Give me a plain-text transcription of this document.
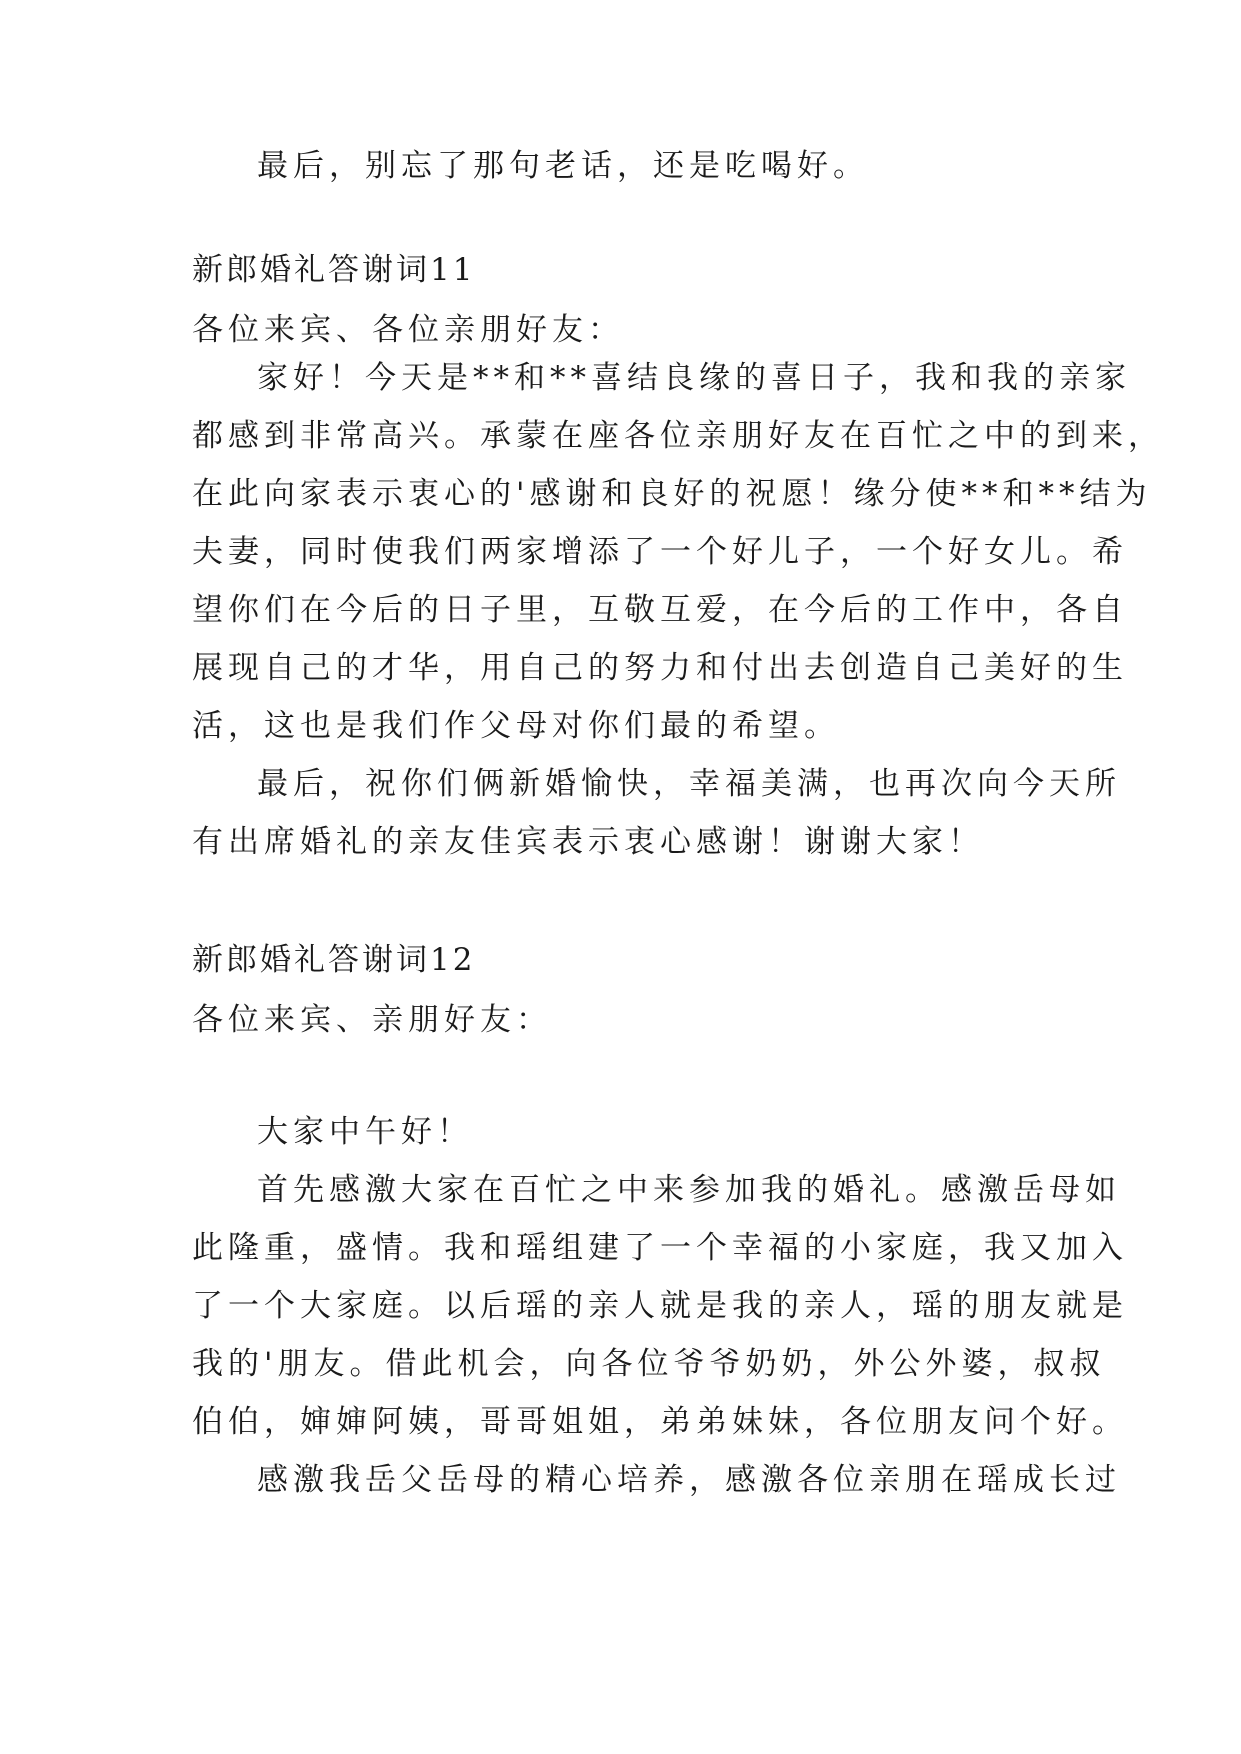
最后，别忘了那句老话，还是吃喝好。
新郎婚礼答谢词11
各位来宾、各位亲朋好友：
家好！今天是**和**喜结良缘的喜日子，我和我的亲家
都感到非常高兴。承蒙在座各位亲朋好友在百忙之中的到来，
在此向家表示衷心的'感谢和良好的祝愿！缘分使**和**结为
夫妻，同时使我们两家增添了一个好儿子，一个好女儿。希
望你们在今后的日子里，互敬互爱，在今后的工作中，各自
展现自己的才华，用自己的努力和付出去创造自己美好的生
活，这也是我们作父母对你们最的希望。
最后，祝你们俩新婚愉快，幸福美满，也再次向今天所
有出席婚礼的亲友佳宾表示衷心感谢！谢谢大家！
新郎婚礼答谢词12
各位来宾、亲朋好友：
大家中午好！
首先感激大家在百忙之中来参加我的婚礼。感激岳母如
此隆重，盛情。我和瑶组建了一个幸福的小家庭，我又加入
了一个大家庭。以后瑶的亲人就是我的亲人，瑶的朋友就是
我的'朋友。借此机会，向各位爷爷奶奶，外公外婆，叔叔
伯伯，婶婶阿姨，哥哥姐姐，弟弟妹妹，各位朋友问个好。
感激我岳父岳母的精心培养，感激各位亲朋在瑶成长过
